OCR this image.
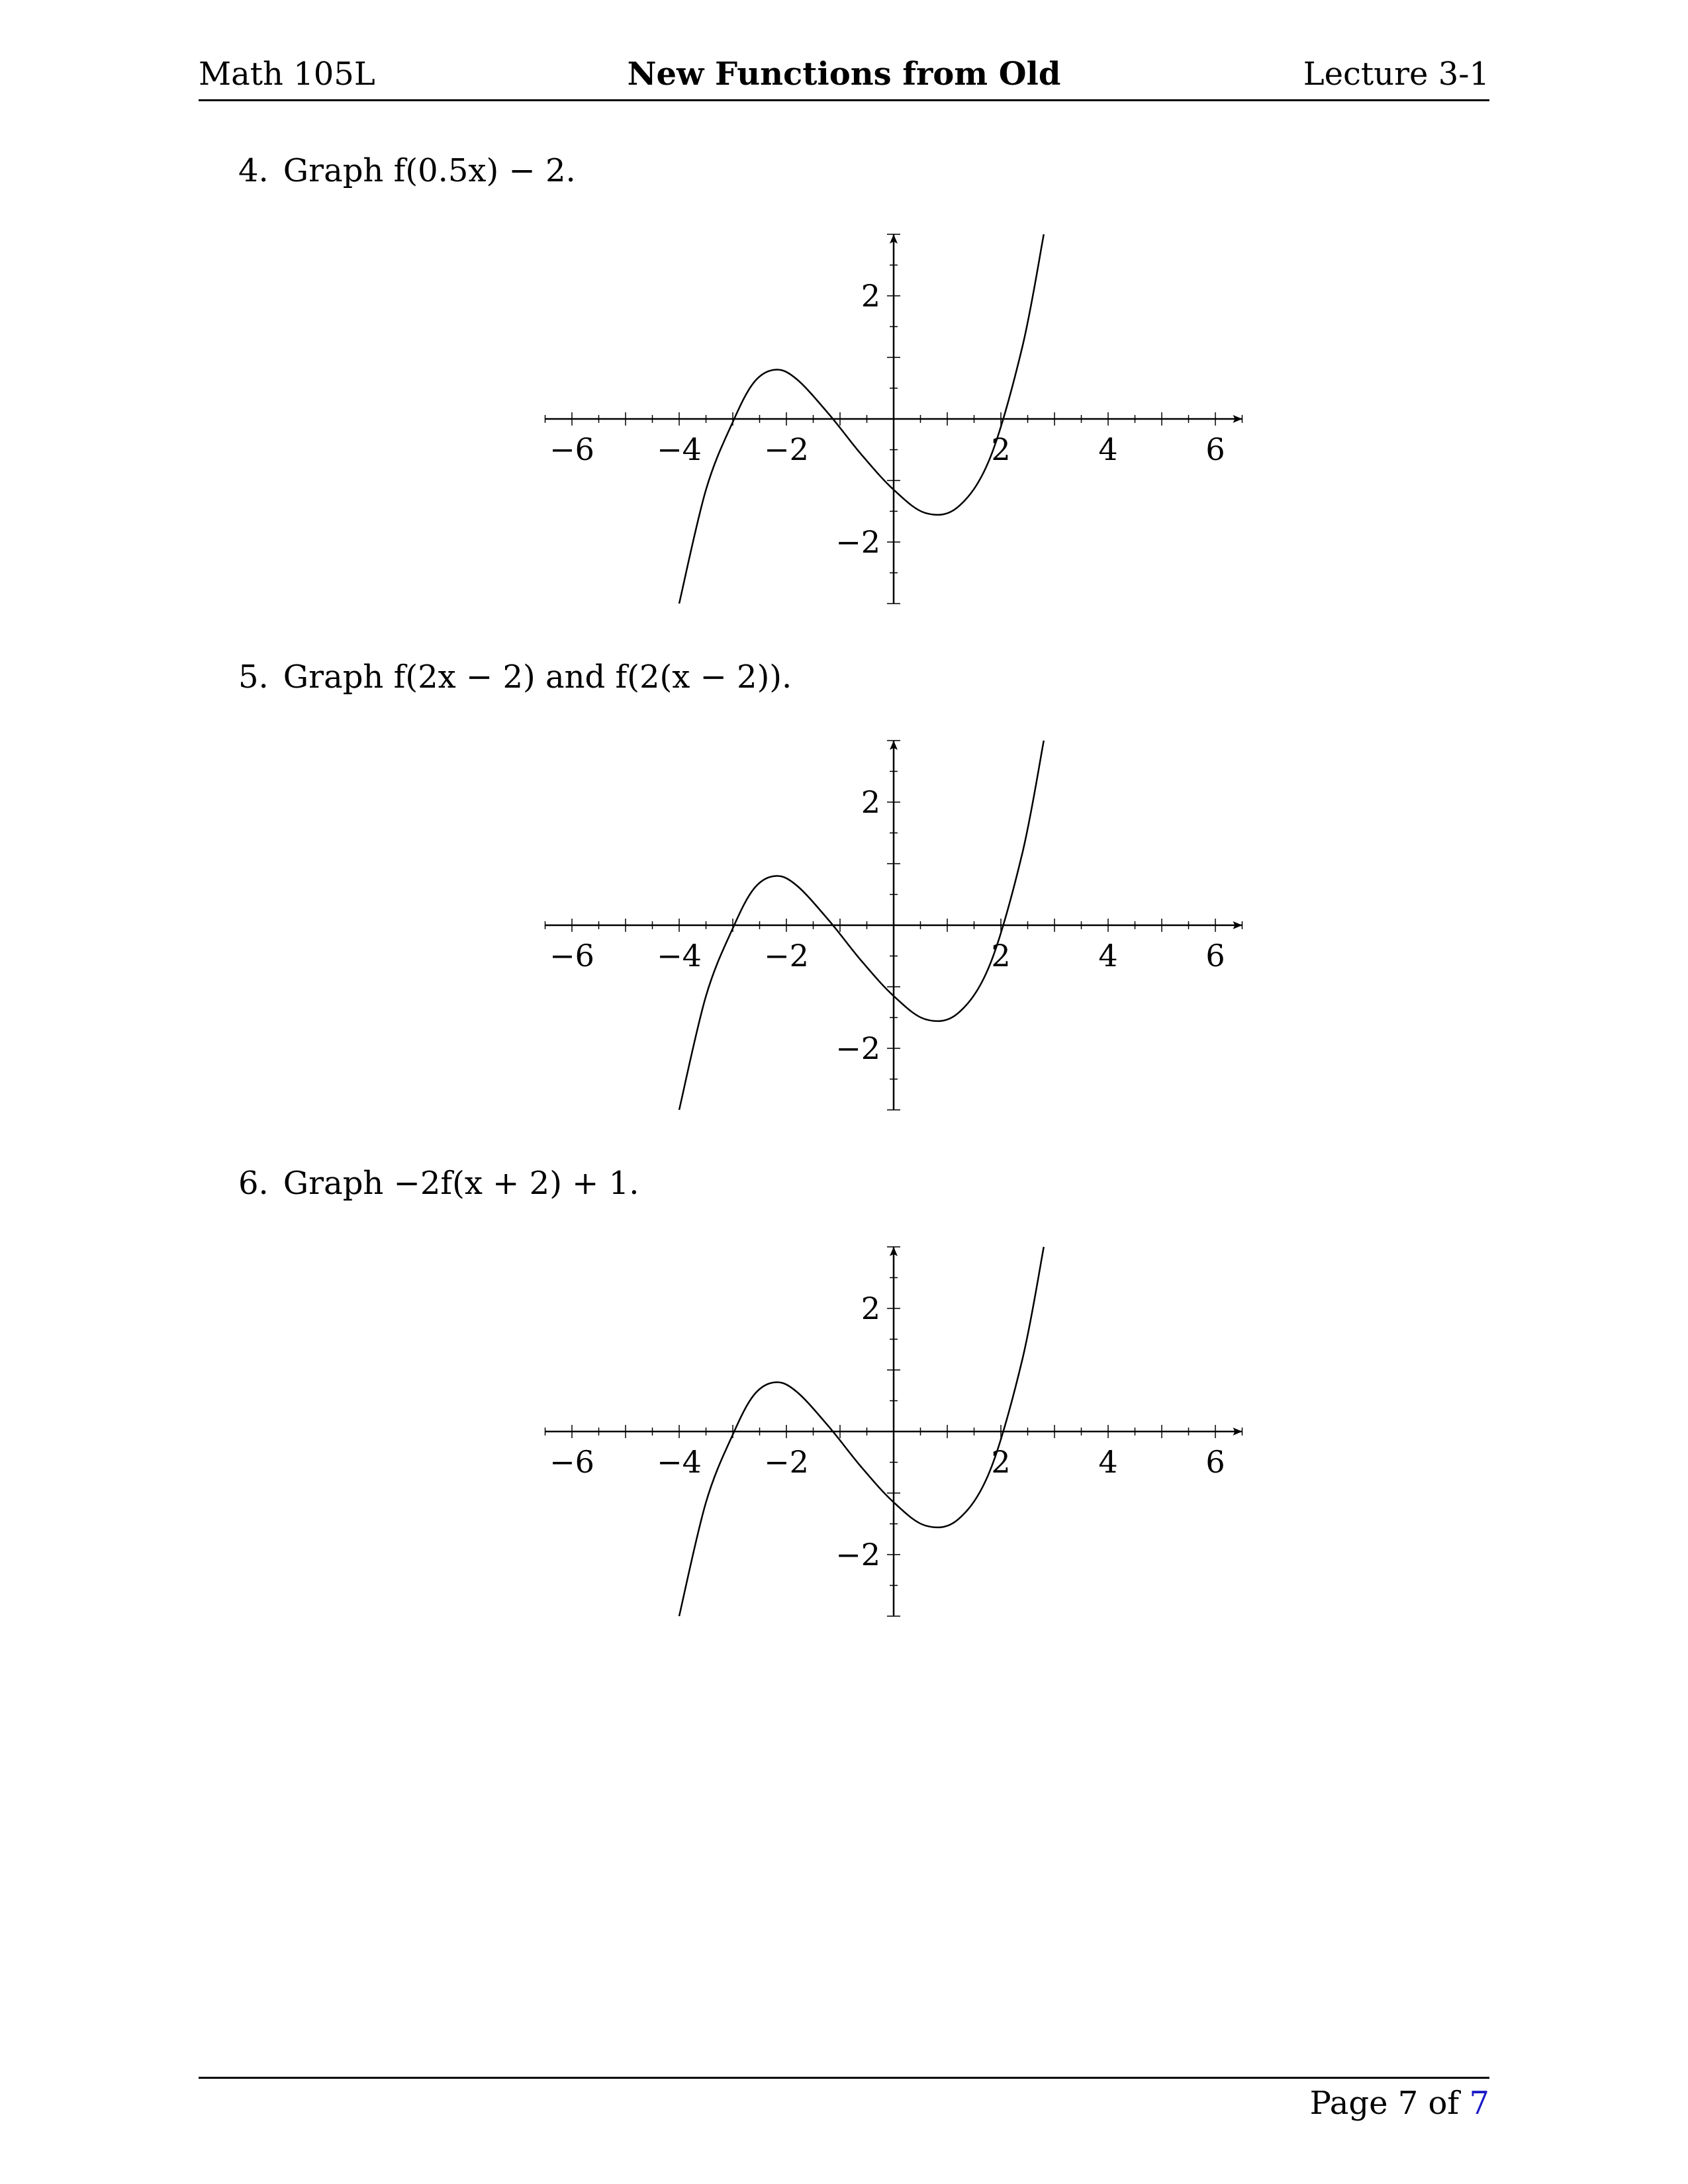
Math 105L	New Functions from Old	Lecture 3-1
4. Graph f(0.5x) − 2.
−6 −4 −2	2	4	6
2
−2
5. Graph f(2x − 2) and f(2(x − 2)).
−6 −4 −2	2	4	6
2
−2
6. Graph −2f(x + 2) + 1.
−6 −4 −2	2	4	6
2
−2
Page 7 of 7
